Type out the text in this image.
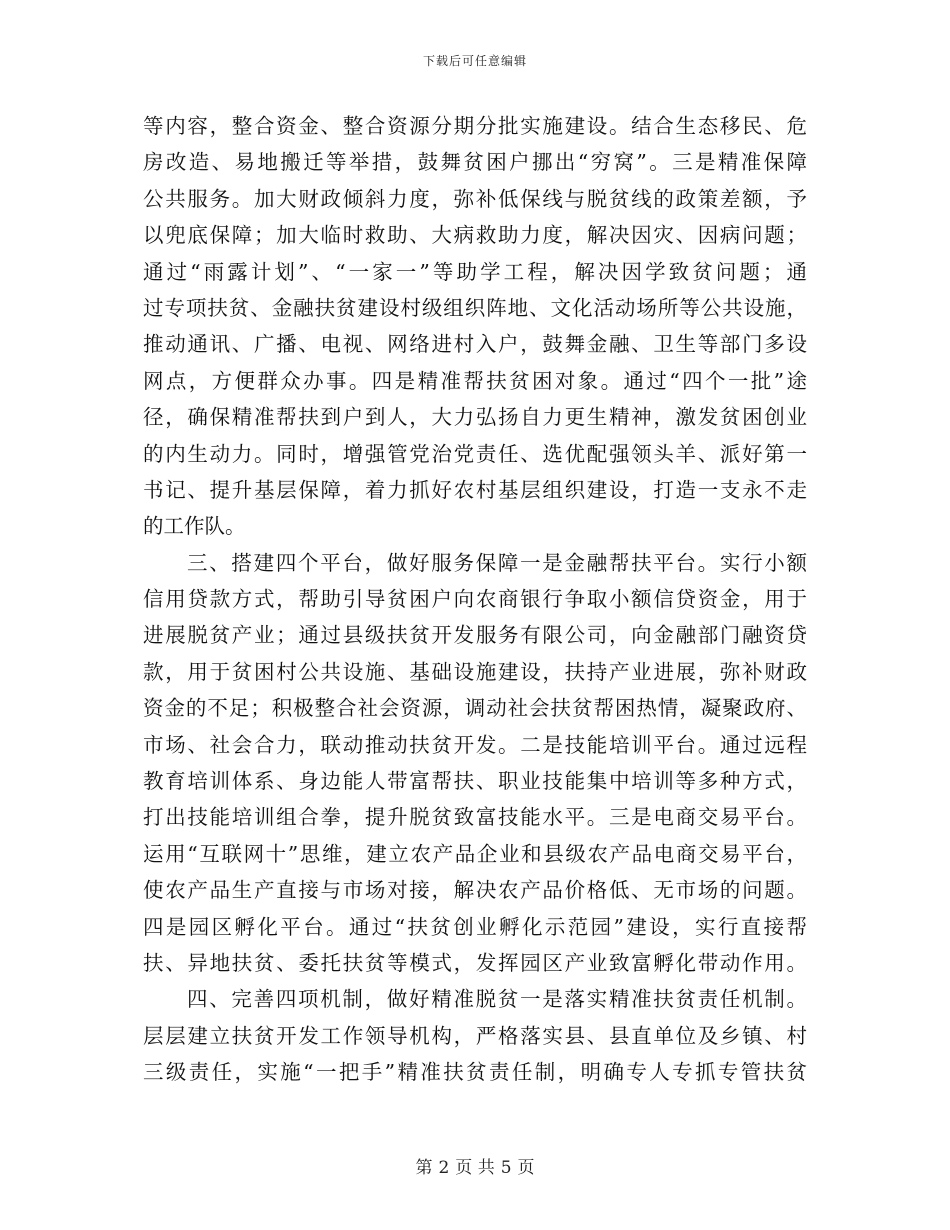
下载后可任意编辑
等内容，整合资金、整合资源分期分批实施建设。结合生态移民、危
房改造、易地搬迁等举措，鼓舞贫困户挪出“穷窝”。三是精准保障
公共服务。加大财政倾斜力度，弥补低保线与脱贫线的政策差额，予
以兜底保障；加大临时救助、大病救助力度，解决因灾、因病问题；
通过“雨露计划”、“一家一”等助学工程，解决因学致贫问题；通
过专项扶贫、金融扶贫建设村级组织阵地、文化活动场所等公共设施，
推动通讯、广播、电视、网络进村入户，鼓舞金融、卫生等部门多设
网点，方便群众办事。四是精准帮扶贫困对象。通过“四个一批”途
径，确保精准帮扶到户到人，大力弘扬自力更生精神，激发贫困创业
的内生动力。同时，增强管党治党责任、选优配强领头羊、派好第一
书记、提升基层保障，着力抓好农村基层组织建设，打造一支永不走
的工作队。
三、搭建四个平台，做好服务保障一是金融帮扶平台。实行小额
信用贷款方式，帮助引导贫困户向农商银行争取小额信贷资金，用于
进展脱贫产业；通过县级扶贫开发服务有限公司，向金融部门融资贷
款，用于贫困村公共设施、基础设施建设，扶持产业进展，弥补财政
资金的不足；积极整合社会资源，调动社会扶贫帮困热情，凝聚政府、
市场、社会合力，联动推动扶贫开发。二是技能培训平台。通过远程
教育培训体系、身边能人带富帮扶、职业技能集中培训等多种方式，
打出技能培训组合拳，提升脱贫致富技能水平。三是电商交易平台。
运用“互联网十”思维，建立农产品企业和县级农产品电商交易平台，
使农产品生产直接与市场对接，解决农产品价格低、无市场的问题。
四是园区孵化平台。通过“扶贫创业孵化示范园”建设，实行直接帮
扶、异地扶贫、委托扶贫等模式，发挥园区产业致富孵化带动作用。
四、完善四项机制，做好精准脱贫一是落实精准扶贫责任机制。
层层建立扶贫开发工作领导机构，严格落实县、县直单位及乡镇、村
三级责任，实施“一把手”精准扶贫责任制，明确专人专抓专管扶贫
第 2 页 共 5 页
